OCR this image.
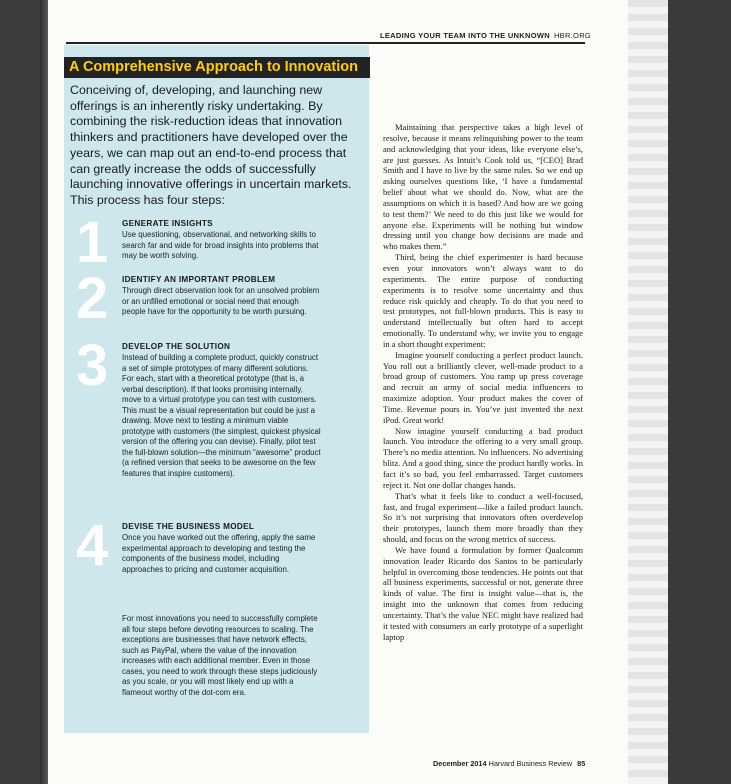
LEADING YOUR TEAM INTO THE UNKNOWN HBR.ORG
A Comprehensive Approach to Innovation
Conceiving of, developing, and launching new offerings is an inherently risky undertaking. By combining the risk-reduction ideas that innovation thinkers and practitioners have developed over the years, we can map out an end-to-end process that can greatly increase the odds of successfully launching innovative offerings in uncertain markets. This process has four steps:
1 GENERATE INSIGHTS
Use questioning, observational, and networking skills to search far and wide for broad insights into problems that may be worth solving.
2 IDENTIFY AN IMPORTANT PROBLEM
Through direct observation look for an unsolved problem or an unfilled emotional or social need that enough people have for the opportunity to be worth pursuing.
3 DEVELOP THE SOLUTION
Instead of building a complete product, quickly construct a set of simple prototypes of many different solutions. For each, start with a theoretical prototype (that is, a verbal description). If that looks promising internally, move to a virtual prototype you can test with customers. This must be a visual representation but could be just a drawing. Move next to testing a minimum viable prototype with customers (the simplest, quickest physical version of the offering you can devise). Finally, pilot test the full-blown solution—the minimum “awesome” product (a refined version that seeks to be awesome on the few features that inspire customers).
4 DEVISE THE BUSINESS MODEL
Once you have worked out the offering, apply the same experimental approach to developing and testing the components of the business model, including approaches to pricing and customer acquisition.
For most innovations you need to successfully complete all four steps before devoting resources to scaling. The exceptions are businesses that have network effects, such as PayPal, where the value of the innovation increases with each additional member. Even in those cases, you need to work through these steps judiciously as you scale, or you will most likely end up with a flameout worthy of the dot-com era.

Maintaining that perspective takes a high level of resolve, because it means relinquishing power to the team and acknowledging that your ideas, like everyone else’s, are just guesses. As Intuit’s Cook told us, “[CEO] Brad Smith and I have to live by the same rules. So we end up asking ourselves questions like, ‘I have a fundamental belief about what we should do. Now, what are the assumptions on which it is based? And how are we going to test them?’ We need to do this just like we would for anyone else. Experiments will be nothing but window dressing until you change how decisions are made and who makes them.”

Third, being the chief experimenter is hard because even your innovators won’t always want to do experiments. The entire purpose of conducting experiments is to resolve some uncertainty and thus reduce risk quickly and cheaply. To do that you need to test prototypes, not full-blown products. This is easy to understand intellectually but often hard to accept emotionally. To understand why, we invite you to engage in a short thought experiment:

Imagine yourself conducting a perfect product launch. You roll out a brilliantly clever, well-made product to a broad group of customers. You ramp up press coverage and recruit an army of social media influencers to maximize adoption. Your product makes the cover of Time. Revenue pours in. You’ve just invented the next iPod. Great work!

Now imagine yourself conducting a bad product launch. You introduce the offering to a very small group. There’s no media attention. No influencers. No advertising blitz. And a good thing, since the product hardly works. In fact it’s so bad, you feel embarrassed. Target customers reject it. Not one dollar changes hands.

That’s what it feels like to conduct a well-focused, fast, and frugal experiment—like a failed product launch. So it’s not surprising that innovators often overdevelop their prototypes, launch them more broadly than they should, and focus on the wrong metrics of success.

We have found a formulation by former Qualcomm innovation leader Ricardo dos Santos to be particularly helpful in overcoming those tendencies. He points out that all business experiments, successful or not, generate three kinds of value. The first is insight value—that is, the insight into the unknown that comes from reducing uncertainty. That’s the value NEC might have realized had it tested with consumers an early prototype of a superlight laptop

December 2014 Harvard Business Review 85
